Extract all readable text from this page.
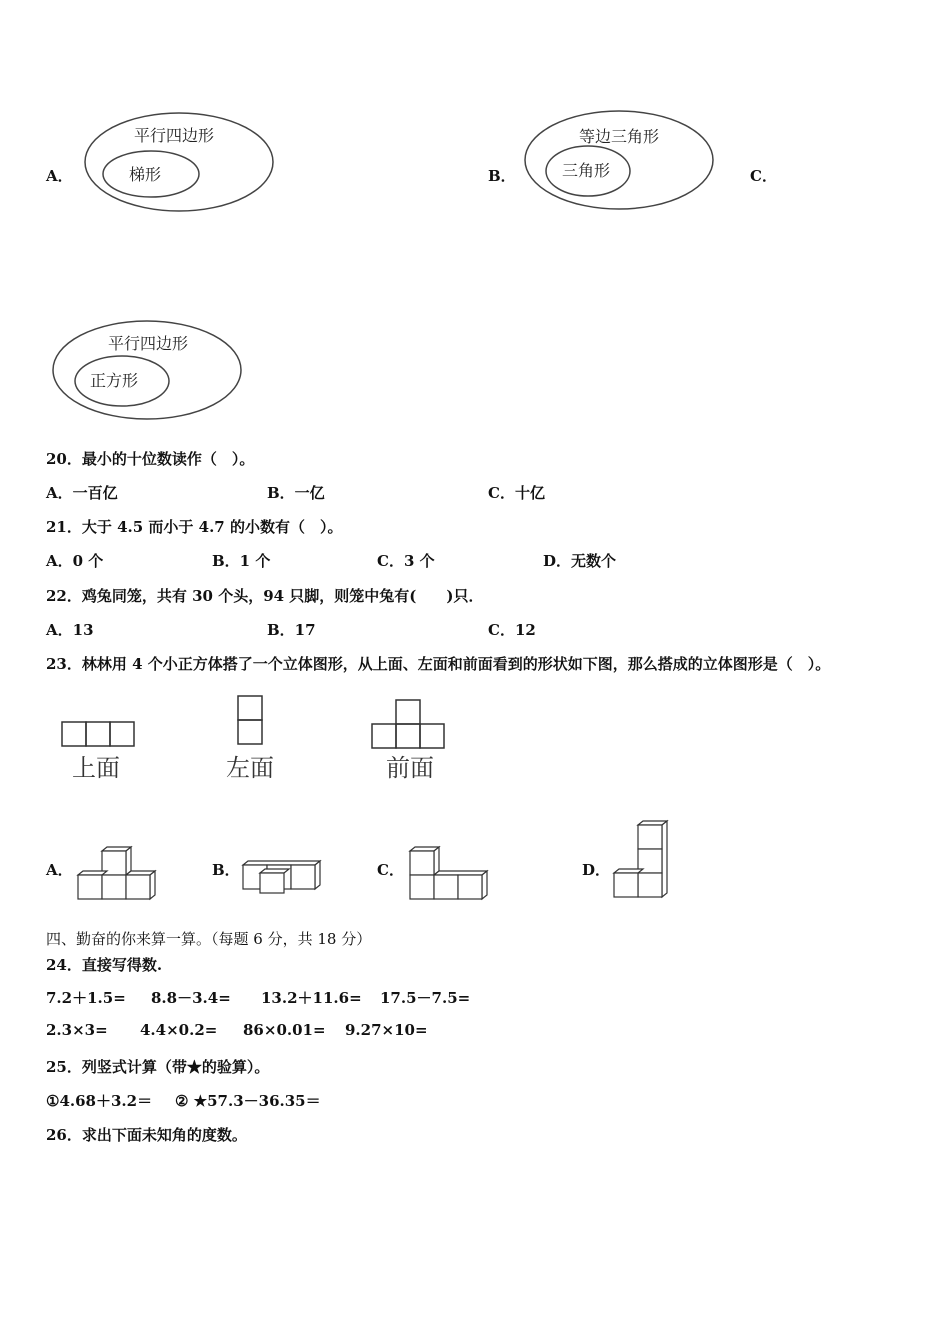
A．
平行四边形
梯形	B．
等边三角形
三角形	C．
平行四边形
正方形
20．最小的十位数读作（　）。
A．一百亿	B．一亿	C．十亿
21．大于 4.5 而小于 4.7 的小数有（　）。
A．0 个	B．1 个	C．3 个	D．无数个
22．鸡兔同笼，共有 30 个头，94 只脚，则笼中兔有(　　)只．
A．13	B．17	C．12
23．林林用 4 个小正方体搭了一个立体图形，从上面、左面和前面看到的形状如下图，那么搭成的立体图形是（　）。
上面	左面	前面
A．	B．	C．	D．
四、勤奋的你来算一算。（每题 6 分，共 18 分）
24．直接写得数.
7.2＋1.5= 8.8－3.4= 13.2＋11.6= 17.5－7.5=
2.3×3= 4.4×0.2= 86×0.01= 9.27×10=
25．列竖式计算（带★的验算）。
①4.68＋3.2＝ ② ★57.3－36.35＝
26．求出下面未知角的度数。
